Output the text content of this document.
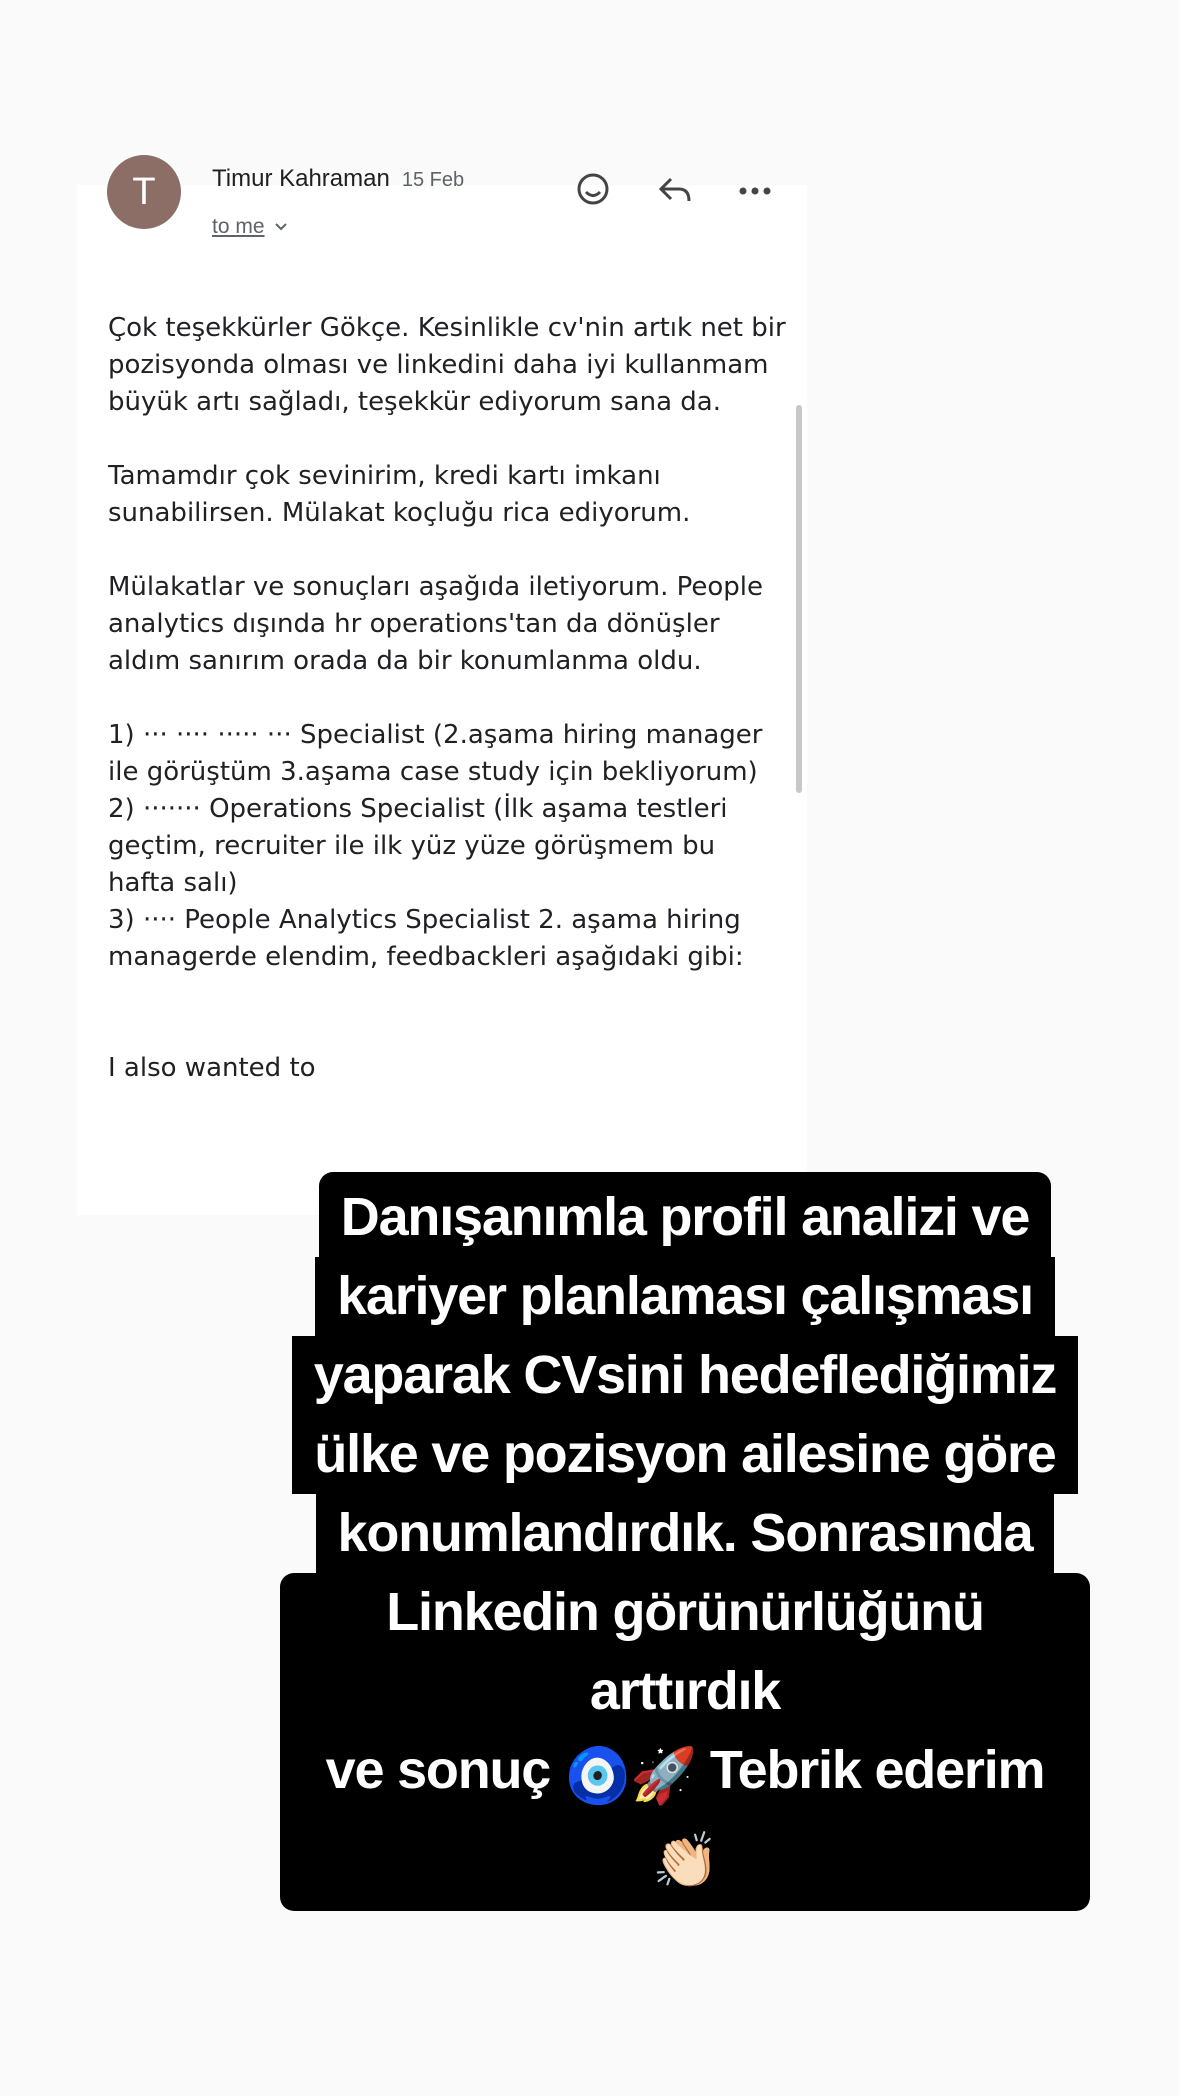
T	Timur Kahraman 15 Feb
to me

Çok teşekkürler Gökçe. Kesinlikle cv'nin artık net bir pozisyonda olması ve linkedini daha iyi kullanmam büyük artı sağladı, teşekkür ediyorum sana da.

Tamamdır çok sevinirim, kredi kartı imkanı sunabilirsen. Mülakat koçluğu rica ediyorum.

Mülakatlar ve sonuçları aşağıda iletiyorum. People analytics dışında hr operations'tan da dönüşler aldım sanırım orada da bir konumlanma oldu.

1) ··· ···· ····· ··· Specialist (2.aşama hiring manager ile görüştüm 3.aşama case study için bekliyorum)

2) ······· Operations Specialist (İlk aşama testleri geçtim, recruiter ile ilk yüz yüze görüşmem bu hafta salı)

3) ···· People Analytics Specialist 2. aşama hiring managerde elendim, feedbackleri aşağıdaki gibi:

I also wanted to

Danışanımla profil analizi ve
kariyer planlaması çalışması
yaparak CVsini hedeflediğimiz
ülke ve pozisyon ailesine göre
konumlandırdık. Sonrasında
Linkedin görünürlüğünü arttırdık
ve sonuç 🧿🚀 Tebrik ederim 👏🏻
